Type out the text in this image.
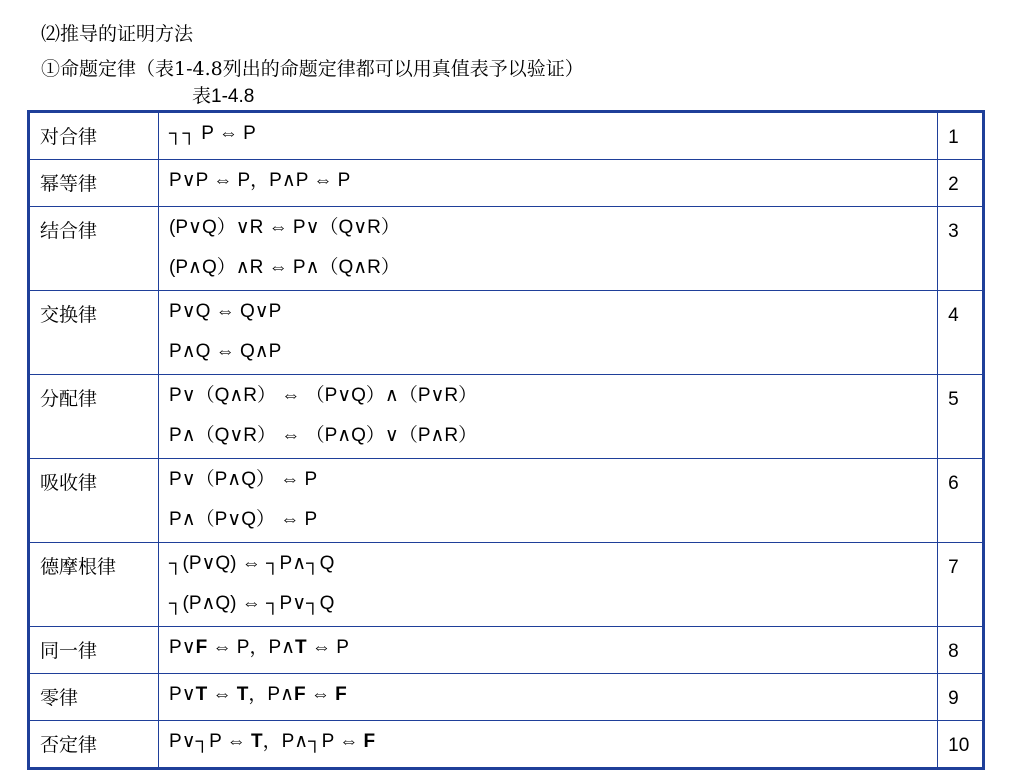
⑵推导的证明方法
①命题定律（表1-4.8列出的命题定律都可以用真值表予以验证）
表1-4.8
对合律	┐┐ P ⇔ P	1
幂等律	P∨P ⇔ P，P∧P ⇔ P	2
结合律	(P∨Q）∨R ⇔ P∨（Q∨R）
(P∧Q）∧R ⇔ P∧（Q∧R）	3
交换律	P∨Q ⇔ Q∨P
P∧Q ⇔ Q∧P	4
分配律	P∨（Q∧R） ⇔ （P∨Q）∧（P∨R）
P∧（Q∨R） ⇔ （P∧Q）∨（P∧R）	5
吸收律	P∨（P∧Q） ⇔ P
P∧（P∨Q） ⇔ P	6
德摩根律	┐(P∨Q) ⇔ ┐P∧┐Q
┐(P∧Q) ⇔ ┐P∨┐Q	7
同一律	P∨F ⇔ P，P∧T ⇔ P	8
零律	P∨T ⇔ T，P∧F ⇔ F	9
否定律	P∨┐P ⇔ T，P∧┐P ⇔ F	10
